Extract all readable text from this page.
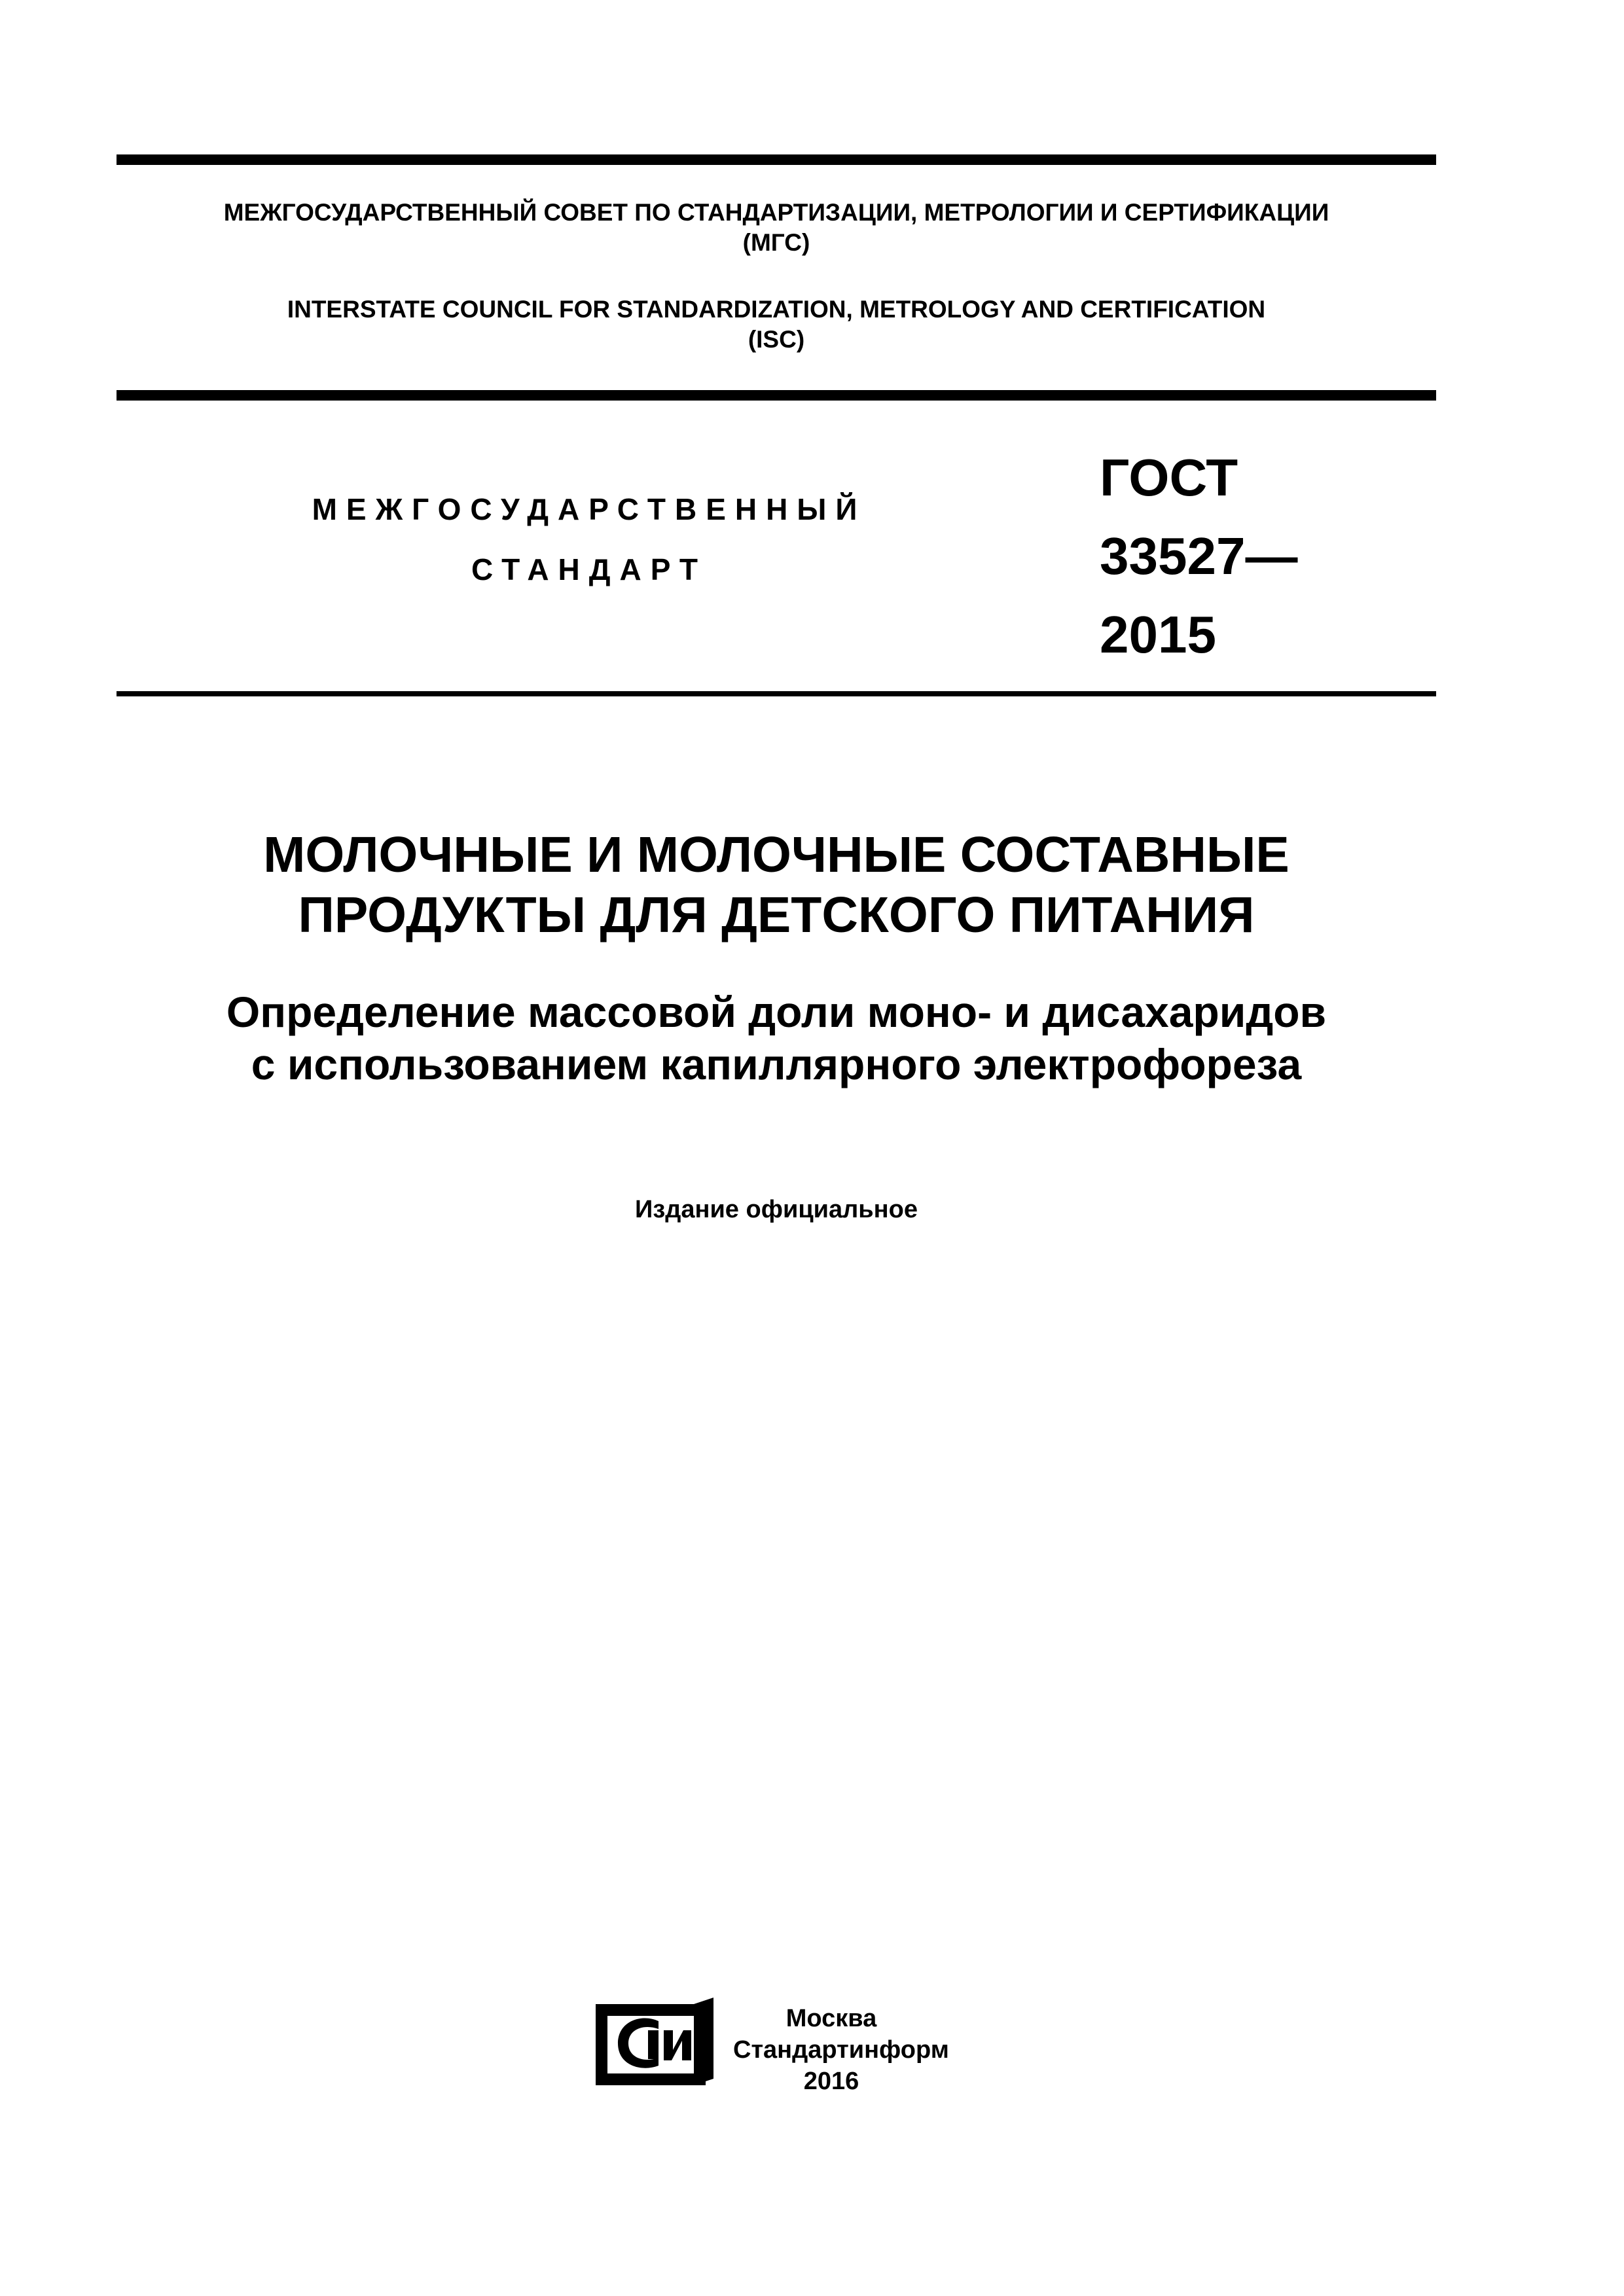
МЕЖГОСУДАРСТВЕННЫЙ СОВЕТ ПО СТАНДАРТИЗАЦИИ, МЕТРОЛОГИИ И СЕРТИФИКАЦИИ
(МГС)
INTERSTATE COUNCIL FOR STANDARDIZATION, METROLOGY AND CERTIFICATION
(ISC)
МЕЖГОСУДАРСТВЕННЫЙ
СТАНДАРТ
ГОСТ
33527—
2015
МОЛОЧНЫЕ И МОЛОЧНЫЕ СОСТАВНЫЕ
ПРОДУКТЫ ДЛЯ ДЕТСКОГО ПИТАНИЯ
Определение массовой доли моно- и дисахаридов
с использованием капиллярного электрофореза
Издание официальное
Москва
Стандартинформ
2016
